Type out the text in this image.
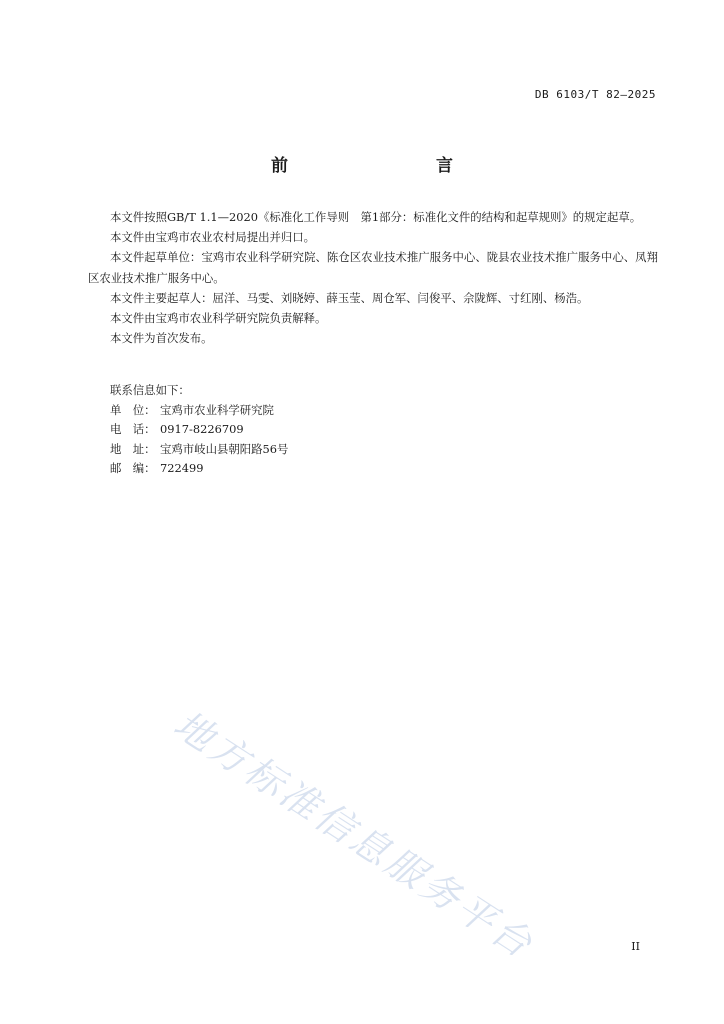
DB 6103/T 82—2025
前　　言

本文件按照GB/T 1.1—2020《标准化工作导则　第1部分：标准化文件的结构和起草规则》的规定起草。

本文件由宝鸡市农业农村局提出并归口。

本文件起草单位：宝鸡市农业科学研究院、陈仓区农业技术推广服务中心、陇县农业技术推广服务中心、凤翔区农业技术推广服务中心。

本文件主要起草人：屈洋、马雯、刘晓婷、薛玉莹、周仓军、闫俊平、佘陇辉、寸红刚、杨浩。

本文件由宝鸡市农业科学研究院负责解释。

本文件为首次发布。

联系信息如下：
单　位： 宝鸡市农业科学研究院
电　话： 0917-8226709
地　址： 宝鸡市岐山县朝阳路56号
邮　编： 722499
地方标准信息服务平台	II
